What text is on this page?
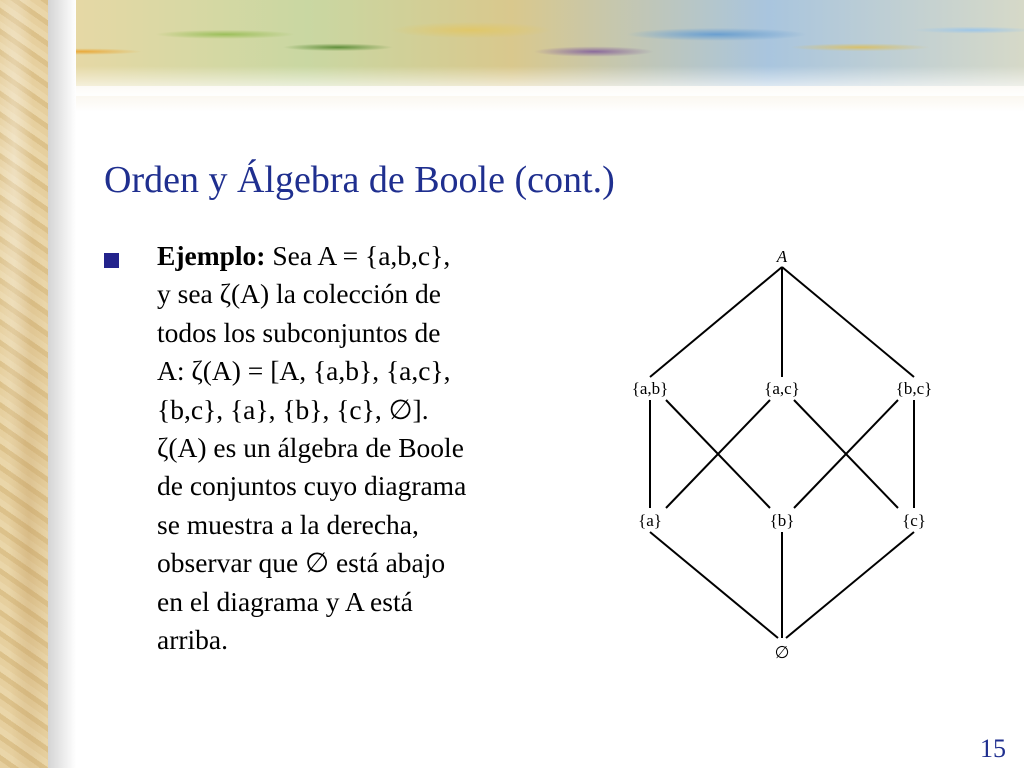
Orden y Álgebra de Boole (cont.)
Ejemplo: Sea A = {a,b,c},
y sea ζ(A) la colección de
todos los subconjuntos de
A: ζ(A) = [A, {a,b}, {a,c},
{b,c}, {a}, {b}, {c}, ∅].
ζ(A) es un álgebra de Boole
de conjuntos cuyo diagrama
se muestra a la derecha,
observar que ∅ está abajo
en el diagrama y A está
arriba.
A
{a,b}	{a,c}	{b,c}
{a}	{b}	{c}
∅
15
